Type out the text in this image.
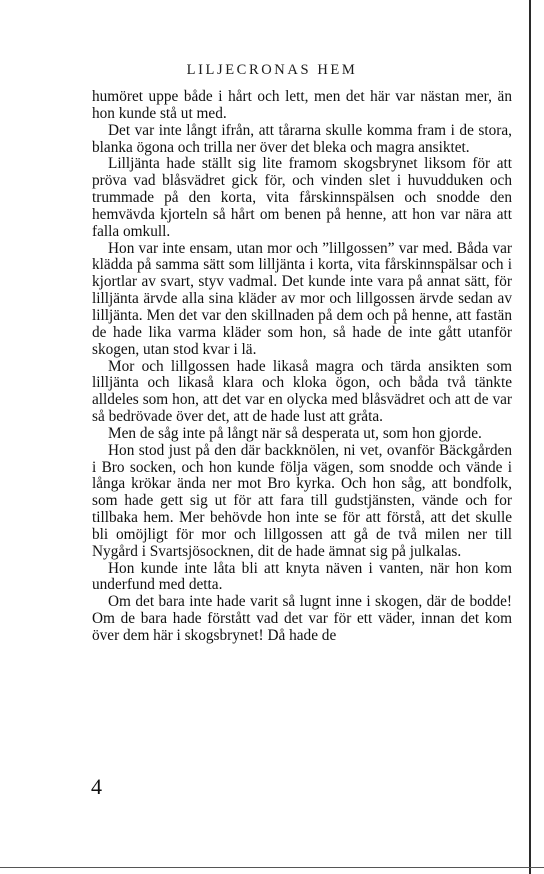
LILJECRONAS HEM

humöret uppe både i hårt och lett, men det här var nästan mer, än hon kunde stå ut med.

Det var inte långt ifrån, att tårarna skulle komma fram i de stora, blanka ögona och trilla ner över det bleka och magra ansiktet.

Lilljänta hade ställt sig lite framom skogsbrynet liksom för att pröva vad blåsvädret gick för, och vinden slet i huvudduken och trummade på den korta, vita fårskinnspälsen och snodde den hemvävda kjorteln så hårt om benen på henne, att hon var nära att falla omkull.

Hon var inte ensam, utan mor och ”lillgossen” var med. Båda var klädda på samma sätt som lilljänta i korta, vita fårskinnspälsar och i kjortlar av svart, styv vadmal. Det kunde inte vara på annat sätt, för lilljänta ärvde alla sina kläder av mor och lillgossen ärvde sedan av lilljänta. Men det var den skillnaden på dem och på henne, att fastän de hade lika varma kläder som hon, så hade de inte gått utanför skogen, utan stod kvar i lä.

Mor och lillgossen hade likaså magra och tärda ansikten som lilljänta och likaså klara och kloka ögon, och båda två tänkte alldeles som hon, att det var en olycka med blåsvädret och att de var så bedrövade över det, att de hade lust att gråta.

Men de såg inte på långt när så desperata ut, som hon gjorde.

Hon stod just på den där backknölen, ni vet, ovanför Bäckgården i Bro socken, och hon kunde följa vägen, som snodde och vände i långa krökar ända ner mot Bro kyrka. Och hon såg, att bondfolk, som hade gett sig ut för att fara till gudstjänsten, vände och for tillbaka hem. Mer behövde hon inte se för att förstå, att det skulle bli omöjligt för mor och lillgossen att gå de två milen ner till Nygård i Svartsjösocknen, dit de hade ämnat sig på julkalas.

Hon kunde inte låta bli att knyta näven i vanten, när hon kom underfund med detta.

Om det bara inte hade varit så lugnt inne i skogen, där de bodde! Om de bara hade förstått vad det var för ett väder, innan det kom över dem här i skogsbrynet! Då hade de

4
